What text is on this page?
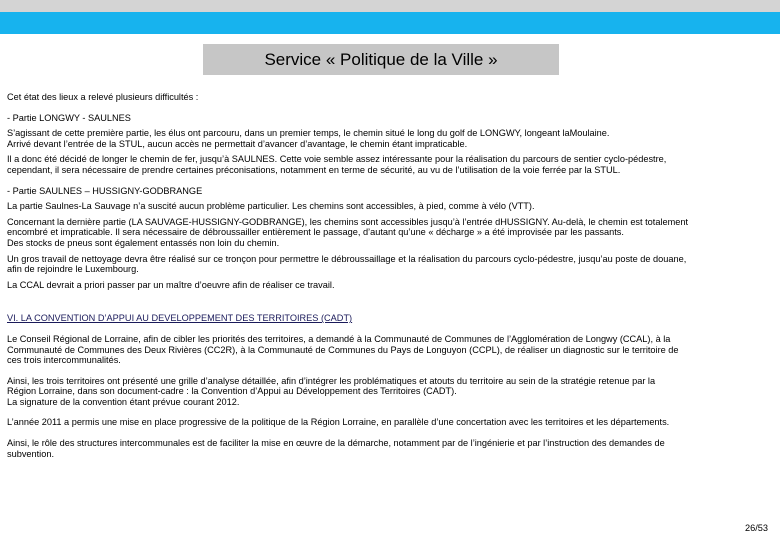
Service « Politique de la Ville »

Cet état des lieux a relevé plusieurs difficultés :

- Partie LONGWY - SAULNES

S’agissant de cette première partie, les élus ont parcouru, dans un premier temps, le chemin situé le long du golf de LONGWY, longeant laMoulaine.

Arrivé devant l’entrée de la STUL, aucun accès ne permettait d’avancer d’avantage, le chemin étant impraticable.

Il a donc été décidé de longer le chemin de fer, jusqu’à SAULNES. Cette voie semble assez intéressante pour la réalisation du parcours de sentier cyclo-pédestre,

cependant, il sera nécessaire de prendre certaines préconisations, notamment en terme de sécurité, au vu de l’utilisation de la voie ferrée par la STUL.

- Partie SAULNES – HUSSIGNY-GODBRANGE

La partie Saulnes-La Sauvage n’a suscité aucun problème particulier. Les chemins sont accessibles, à pied, comme à vélo (VTT).

Concernant la dernière partie (LA SAUVAGE-HUSSIGNY-GODBRANGE), les chemins sont accessibles jusqu’à l’entrée dHUSSIGNY. Au-delà, le chemin est totalement

encombré et impraticable. Il sera nécessaire de débroussailler entièrement le passage, d’autant qu’une « décharge » a été improvisée par les passants.

Des stocks de pneus sont également entassés non loin du chemin.

Un gros travail de nettoyage devra être réalisé sur ce tronçon pour permettre le débroussaillage et la réalisation du parcours cyclo-pédestre, jusqu’au poste de douane,

afin de rejoindre le Luxembourg.

La CCAL devrait a priori passer par un maître d’oeuvre afin de réaliser ce travail.

VI. LA CONVENTION D’APPUI AU DEVELOPPEMENT DES TERRITOIRES (CADT)

Le Conseil Régional de Lorraine, afin de cibler les priorités des territoires, a demandé à la Communauté de Communes de l’Agglomération de Longwy (CCAL), à la

Communauté de Communes des Deux Rivières (CC2R), à la Communauté de Communes du Pays de Longuyon (CCPL), de réaliser un diagnostic sur le territoire de

ces trois intercommunalités.

Ainsi, les trois territoires ont présenté une grille d’analyse détaillée, afin d’intégrer les problématiques et atouts du territoire au sein de la stratégie retenue par la

Région Lorraine, dans son document-cadre : la Convention d’Appui au Développement des Territoires (CADT).

La signature de la convention étant prévue courant 2012.

L’année 2011 a permis une mise en place progressive de la politique de la Région Lorraine, en parallèle d’une concertation avec les territoires et les départements.

Ainsi, le rôle des structures intercommunales est de faciliter la mise en œuvre de la démarche, notamment par de l’ingénierie et par l’instruction des demandes de

subvention.

26/53
